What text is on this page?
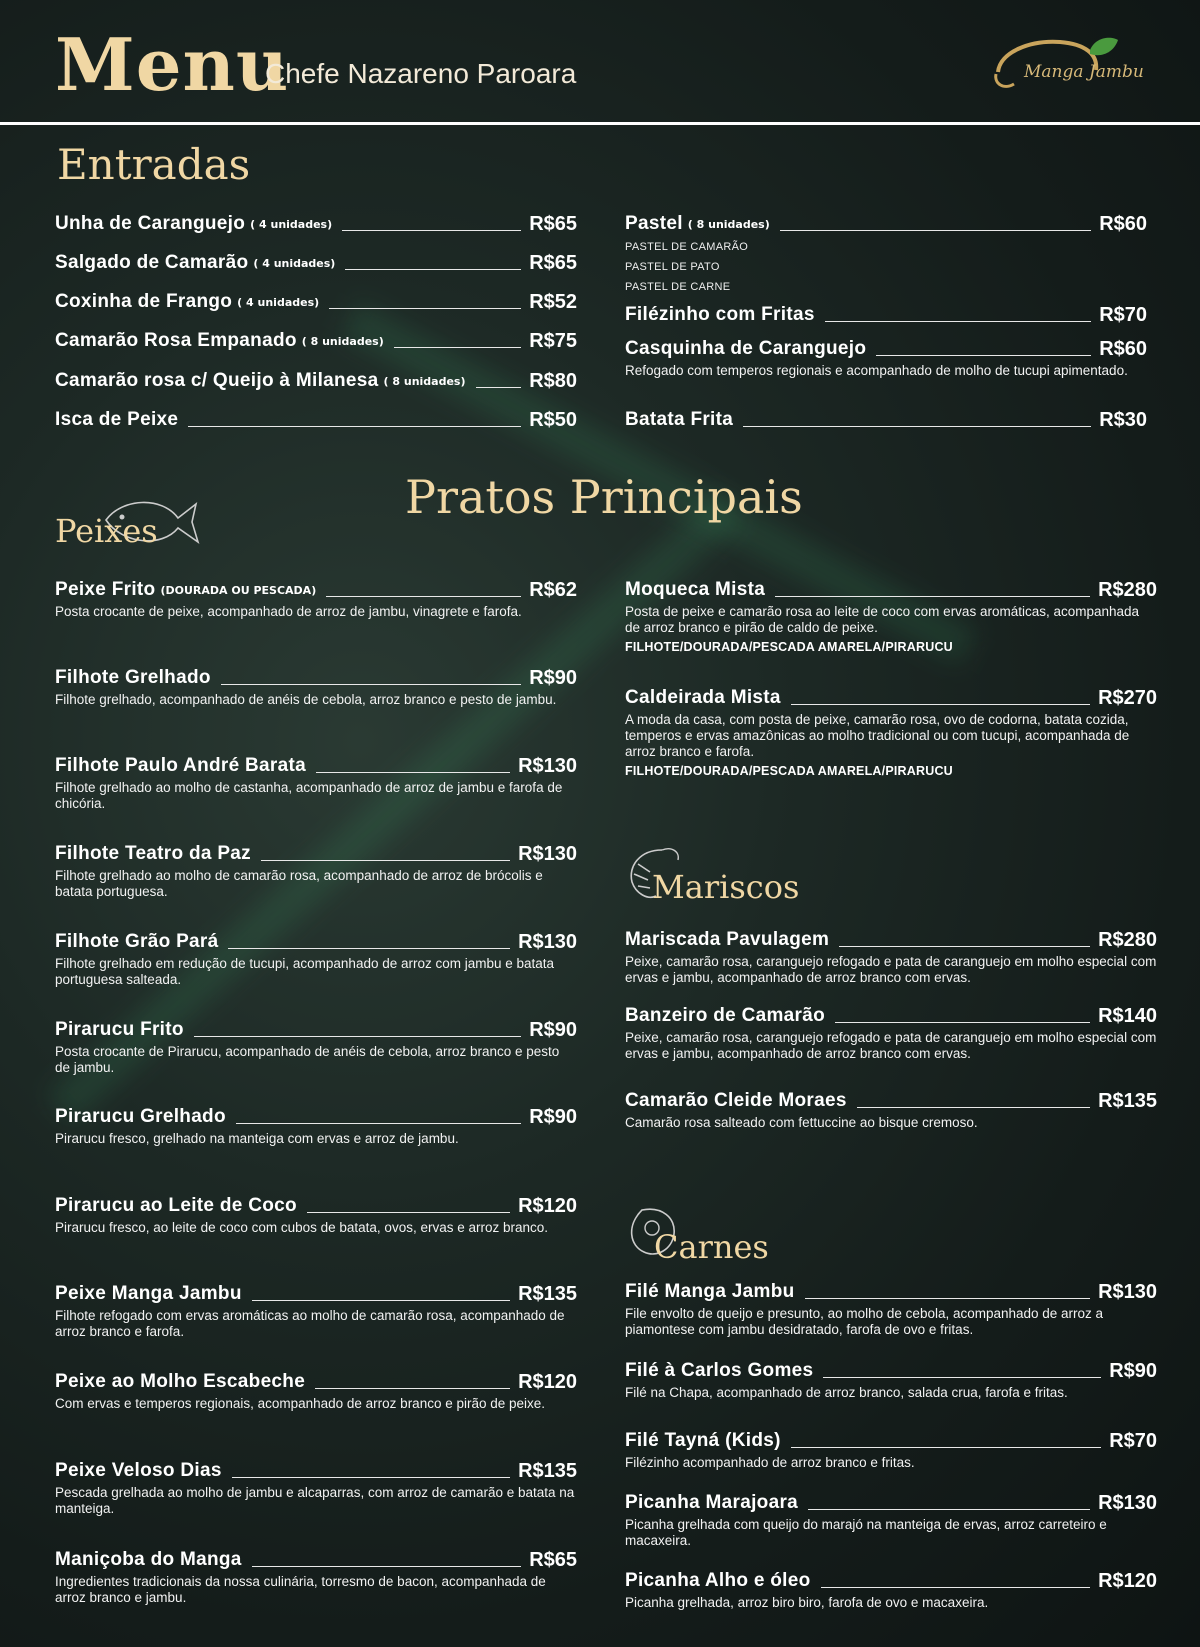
Menu
Chefe Nazareno Paroara	Manga Jambu
Entradas
Unha de Caranguejo ( 4 unidades)	R$65
Salgado de Camarão ( 4 unidades)	R$65
Coxinha de Frango ( 4 unidades)	R$52
Camarão Rosa Empanado ( 8 unidades)	R$75
Camarão rosa c/ Queijo à Milanesa ( 8 unidades)	R$80
Isca de Peixe	R$50
Pastel ( 8 unidades)	R$60
PASTEL DE CAMARÃO
PASTEL DE PATO
PASTEL DE CARNE
Filézinho com Fritas	R$70
Casquinha de Caranguejo	R$60
Refogado com temperos regionais e acompanhado de molho de tucupi apimentado.
Batata Frita	R$30
Pratos Principais
Peixes
Peixe Frito (DOURADA OU PESCADA)	R$62
Posta crocante de peixe, acompanhado de arroz de jambu, vinagrete e farofa.
Filhote Grelhado	R$90
Filhote grelhado, acompanhado de anéis de cebola, arroz branco e pesto de jambu.
Filhote Paulo André Barata	R$130
Filhote grelhado ao molho de castanha, acompanhado de arroz de jambu e farofa de chicória.
Filhote Teatro da Paz	R$130
Filhote grelhado ao molho de camarão rosa, acompanhado de arroz de brócolis e batata portuguesa.
Filhote Grão Pará	R$130
Filhote grelhado em redução de tucupi, acompanhado de arroz com jambu e batata portuguesa salteada.
Pirarucu Frito	R$90
Posta crocante de Pirarucu, acompanhado de anéis de cebola, arroz branco e pesto de jambu.
Pirarucu Grelhado	R$90
Pirarucu fresco, grelhado na manteiga com ervas e arroz de jambu.
Pirarucu ao Leite de Coco	R$120
Pirarucu fresco, ao leite de coco com cubos de batata, ovos, ervas e arroz branco.
Peixe Manga Jambu	R$135
Filhote refogado com ervas aromáticas ao molho de camarão rosa, acompanhado de arroz branco e farofa.
Peixe ao Molho Escabeche	R$120
Com ervas e temperos regionais, acompanhado de arroz branco e pirão de peixe.
Peixe Veloso Dias	R$135
Pescada grelhada ao molho de jambu e alcaparras, com arroz de camarão e batata na manteiga.
Maniçoba do Manga	R$65
Ingredientes tradicionais da nossa culinária, torresmo de bacon, acompanhada de arroz branco e jambu.
Moqueca Mista	R$280
Posta de peixe e camarão rosa ao leite de coco com ervas aromáticas, acompanhada de arroz branco e pirão de caldo de peixe.
FILHOTE/DOURADA/PESCADA AMARELA/PIRARUCU
Caldeirada Mista	R$270
A moda da casa, com posta de peixe, camarão rosa, ovo de codorna, batata cozida, temperos e ervas amazônicas ao molho tradicional ou com tucupi, acompanhada de arroz branco e farofa.
FILHOTE/DOURADA/PESCADA AMARELA/PIRARUCU
Mariscos
Mariscada Pavulagem	R$280
Peixe, camarão rosa, caranguejo refogado e pata de caranguejo em molho especial com ervas e jambu, acompanhado de arroz branco com ervas.
Banzeiro de Camarão	R$140
Peixe, camarão rosa, caranguejo refogado e pata de caranguejo em molho especial com ervas e jambu, acompanhado de arroz branco com ervas.
Camarão Cleide Moraes	R$135
Camarão rosa salteado com fettuccine ao bisque cremoso.
Carnes
Filé Manga Jambu	R$130
File envolto de queijo e presunto, ao molho de cebola, acompanhado de arroz a piamontese com jambu desidratado, farofa de ovo e fritas.
Filé à Carlos Gomes	R$90
Filé na Chapa, acompanhado de arroz branco, salada crua, farofa e fritas.
Filé Tayná (Kids)	R$70
Filézinho acompanhado de arroz branco e fritas.
Picanha Marajoara	R$130
Picanha grelhada com queijo do marajó na manteiga de ervas, arroz carreteiro e macaxeira.
Picanha Alho e óleo	R$120
Picanha grelhada, arroz biro biro, farofa de ovo e macaxeira.
